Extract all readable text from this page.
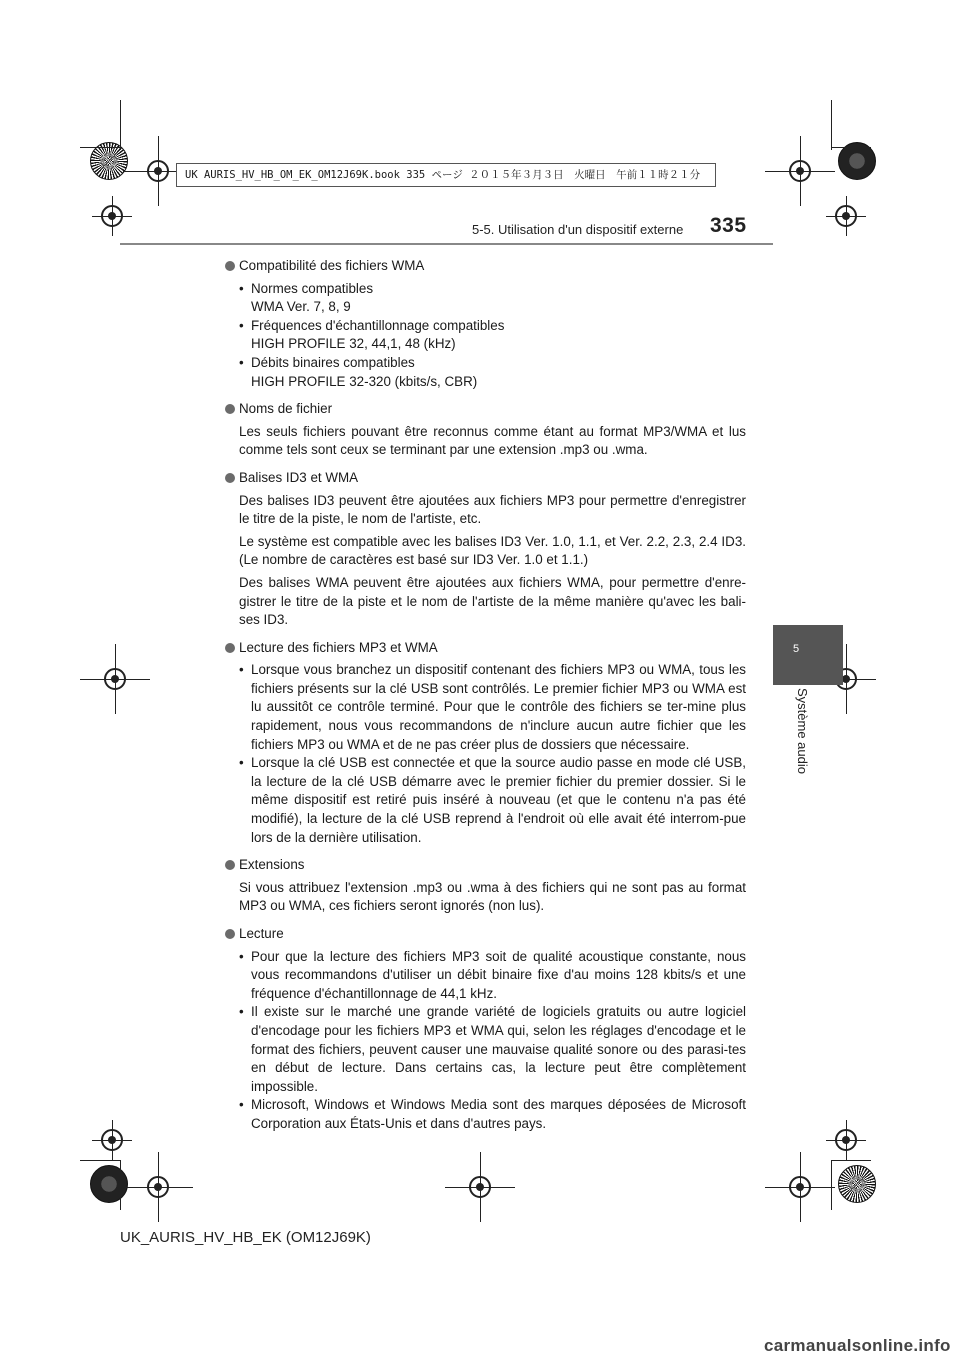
UK AURIS_HV_HB_OM_EK_OM12J69K.book 335 ページ ２０１５年３月３日　火曜日　午前１１時２１分
5-5. Utilisation d'un dispositif externe 335
5
Système audio
Compatibilité des fichiers WMA
• Normes compatibles
WMA Ver. 7, 8, 9
• Fréquences d'échantillonnage compatibles
HIGH PROFILE 32, 44,1, 48 (kHz)
• Débits binaires compatibles
HIGH PROFILE 32-320 (kbits/s, CBR)
Noms de fichier
Les seuls fichiers pouvant être reconnus comme étant au format MP3/WMA et lus comme tels sont ceux se terminant par une extension .mp3 ou .wma.
Balises ID3 et WMA
Des balises ID3 peuvent être ajoutées aux fichiers MP3 pour permettre d'enregistrer le titre de la piste, le nom de l'artiste, etc.
Le système est compatible avec les balises ID3 Ver. 1.0, 1.1, et Ver. 2.2, 2.3, 2.4 ID3. (Le nombre de caractères est basé sur ID3 Ver. 1.0 et 1.1.)
Des balises WMA peuvent être ajoutées aux fichiers WMA, pour permettre d'enre-gistrer le titre de la piste et le nom de l'artiste de la même manière qu'avec les bali-ses ID3.
Lecture des fichiers MP3 et WMA
• Lorsque vous branchez un dispositif contenant des fichiers MP3 ou WMA, tous les fichiers présents sur la clé USB sont contrôlés. Le premier fichier MP3 ou WMA est lu aussitôt ce contrôle terminé. Pour que le contrôle des fichiers se ter-mine plus rapidement, nous vous recommandons de n'inclure aucun autre fichier que les fichiers MP3 ou WMA et de ne pas créer plus de dossiers que nécessaire.
• Lorsque la clé USB est connectée et que la source audio passe en mode clé USB, la lecture de la clé USB démarre avec le premier fichier du premier dossier. Si le même dispositif est retiré puis inséré à nouveau (et que le contenu n'a pas été modifié), la lecture de la clé USB reprend à l'endroit où elle avait été interrom-pue lors de la dernière utilisation.
Extensions
Si vous attribuez l'extension .mp3 ou .wma à des fichiers qui ne sont pas au format MP3 ou WMA, ces fichiers seront ignorés (non lus).
Lecture
• Pour que la lecture des fichiers MP3 soit de qualité acoustique constante, nous vous recommandons d'utiliser un débit binaire fixe d'au moins 128 kbits/s et une fréquence d'échantillonnage de 44,1 kHz.
• Il existe sur le marché une grande variété de logiciels gratuits ou autre logiciel d'encodage pour les fichiers MP3 et WMA qui, selon les réglages d'encodage et le format des fichiers, peuvent causer une mauvaise qualité sonore ou des parasi-tes en début de lecture. Dans certains cas, la lecture peut être complètement impossible.
• Microsoft, Windows et Windows Media sont des marques déposées de Microsoft Corporation aux États-Unis et dans d'autres pays.
UK_AURIS_HV_HB_EK (OM12J69K)
carmanualsonline.info
